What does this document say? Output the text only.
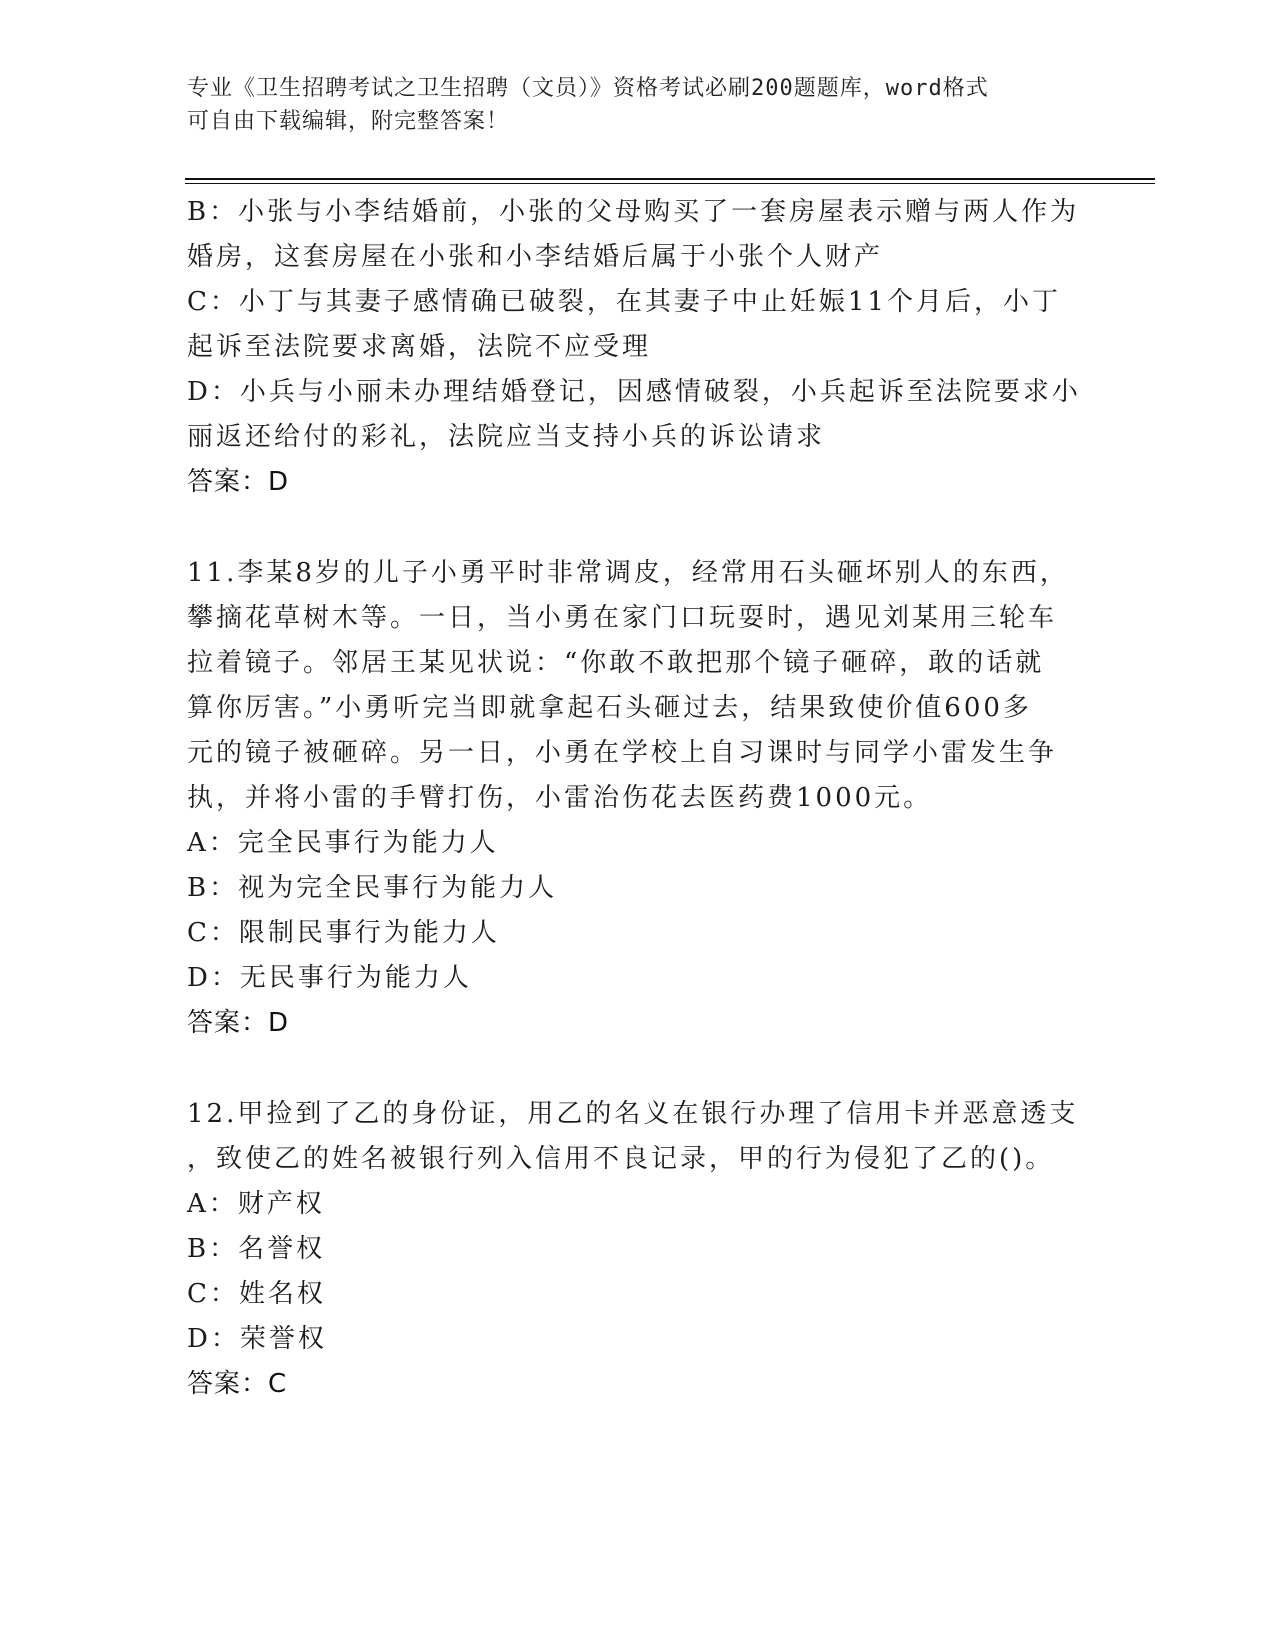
专业《卫生招聘考试之卫生招聘（文员）》资格考试必刷200题题库，word格式
可自由下载编辑，附完整答案！
B：小张与小李结婚前，小张的父母购买了一套房屋表示赠与两人作为
婚房，这套房屋在小张和小李结婚后属于小张个人财产
C：小丁与其妻子感情确已破裂，在其妻子中止妊娠11个月后，小丁
起诉至法院要求离婚，法院不应受理
D：小兵与小丽未办理结婚登记，因感情破裂，小兵起诉至法院要求小
丽返还给付的彩礼，法院应当支持小兵的诉讼请求
答案：D
11.李某8岁的儿子小勇平时非常调皮，经常用石头砸坏别人的东西，
攀摘花草树木等。一日，当小勇在家门口玩耍时，遇见刘某用三轮车
拉着镜子。邻居王某见状说：“你敢不敢把那个镜子砸碎，敢的话就
算你厉害。”小勇听完当即就拿起石头砸过去，结果致使价值600多
元的镜子被砸碎。另一日，小勇在学校上自习课时与同学小雷发生争
执，并将小雷的手臂打伤，小雷治伤花去医药费1000元。
A：完全民事行为能力人
B：视为完全民事行为能力人
C：限制民事行为能力人
D：无民事行为能力人
答案：D
12.甲捡到了乙的身份证，用乙的名义在银行办理了信用卡并恶意透支
，致使乙的姓名被银行列入信用不良记录，甲的行为侵犯了乙的()。
A：财产权
B：名誉权
C：姓名权
D：荣誉权
答案：C
